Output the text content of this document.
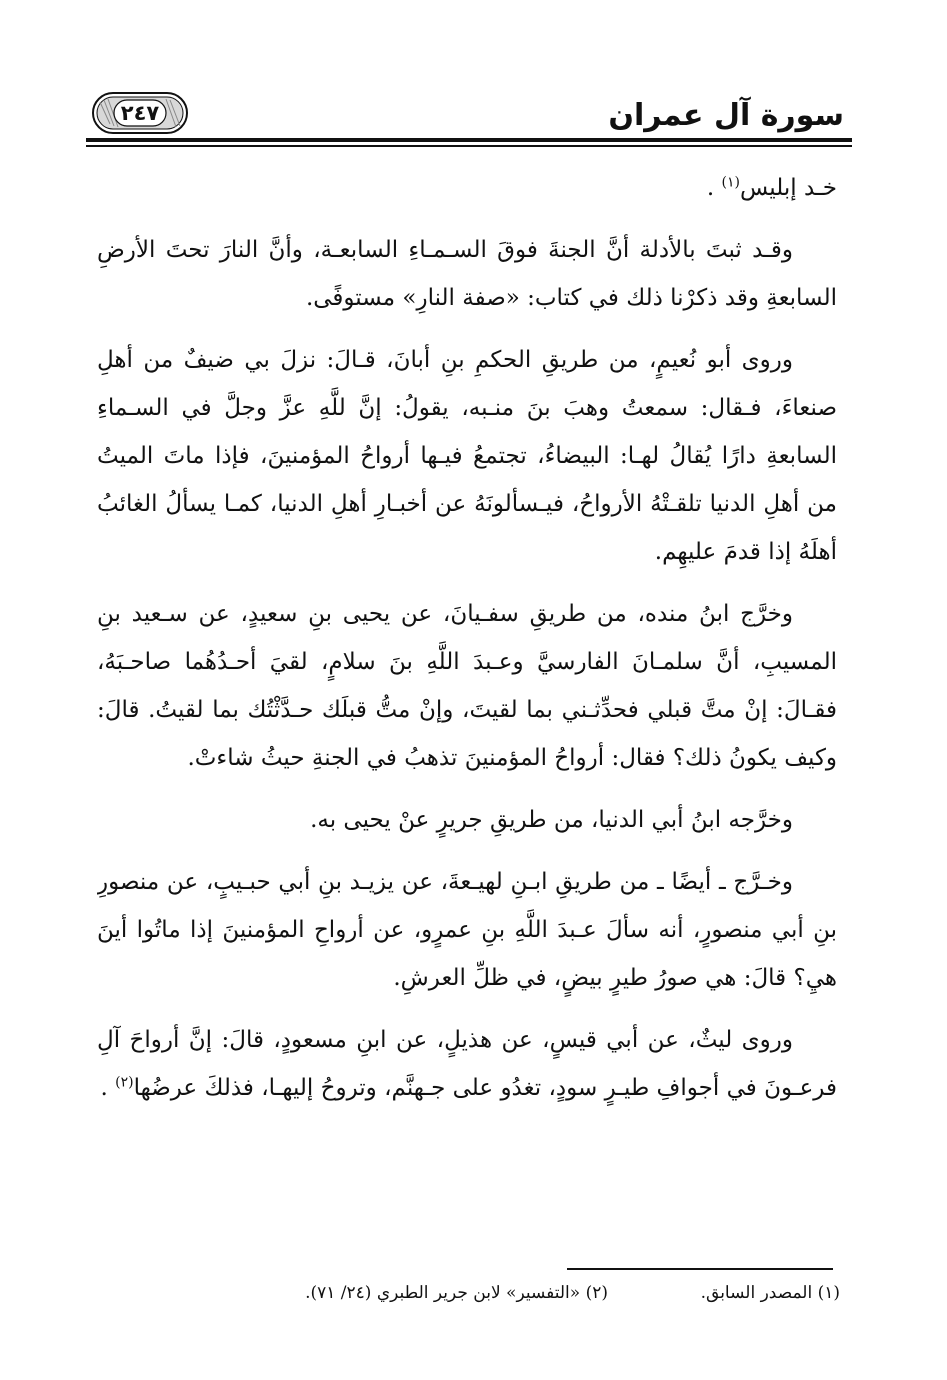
سورة آل عمران
٢٤٧

خـد إبليس$^{(١)}$ .

وقـد ثبتَ بالأدلة أنَّ الجنةَ فوقَ السـمـاءِ السابعـة، وأنَّ النارَ تحتَ الأرضِ السابعةِ وقد ذكرْنا ذلك في كتاب: «صفة النارِ» مستوفًى.

وروى أبو نُعيمٍ، من طريقِ الحكمِ بنِ أبانَ، قـالَ: نزلَ بي ضيفٌ من أهلِ صنعاءَ، فـقال: سمعتُ وهبَ بنَ منـبه، يقولُ: إنَّ للَّهِ عزَّ وجلَّ في السـماءِ السابعةِ دارًا يُقالُ لهـا: البيضاءُ، تجتمعُ فيـها أرواحُ المؤمنينَ، فإذا ماتَ الميتُ من أهلِ الدنيا تلقـتْهُ الأرواحُ، فيـسألونَهُ عن أخبـارِ أهلِ الدنيا، كمـا يسألُ الغائبُ أهلَهُ إذا قدمَ عليهِم.

وخرَّج ابنُ منده، من طريقِ سفـيانَ، عن يحيى بنِ سعيدٍ، عن سـعيد بنِ المسيبِ، أنَّ سلمـانَ الفارسيَّ وعـبدَ اللَّهِ بنَ سلامٍ، لقيَ أحـدُهُما صاحـبَهُ، فقـالَ: إنْ متَّ قبلي فحدِّثـني بما لقيتَ، وإنْ متُّ قبلَك حـدَّثْتُك بما لقيتُ. قالَ: وكيف يكونُ ذلك؟ فقال: أرواحُ المؤمنينَ تذهبُ في الجنةِ حيثُ شاءتْ.

وخرَّجه ابنُ أبي الدنيا، من طريقِ جريرٍ عنْ يحيى به.

وخـرَّج ـ أيضًا ـ من طريقِ ابـنِ لهيـعةَ، عن يزيـد بنِ أبي حبـيبٍ، عن منصورِ بنِ أبي منصورٍ، أنه سألَ عـبدَ اللَّهِ بنِ عمرٍو، عن أرواحِ المؤمنينَ إذا ماتُوا أينَ هيِ؟ قالَ: هي صورُ طيرٍ بيضٍ، في ظلِّ العرشِ.

وروى ليثٌ، عن أبي قيسٍ، عن هذيلٍ، عن ابنِ مسعودٍ، قالَ: إنَّ أرواحَ آلِ فرعـونَ في أجوافِ طيـرٍ سودٍ، تغدُو على جـهنَّم، وتروحُ إليهـا، فذلكَ عرضُها$^{(٢)}$ .

(١) المصدر السابق.
(٢) «التفسير» لابن جرير الطبري (٢٤/ ٧١).
